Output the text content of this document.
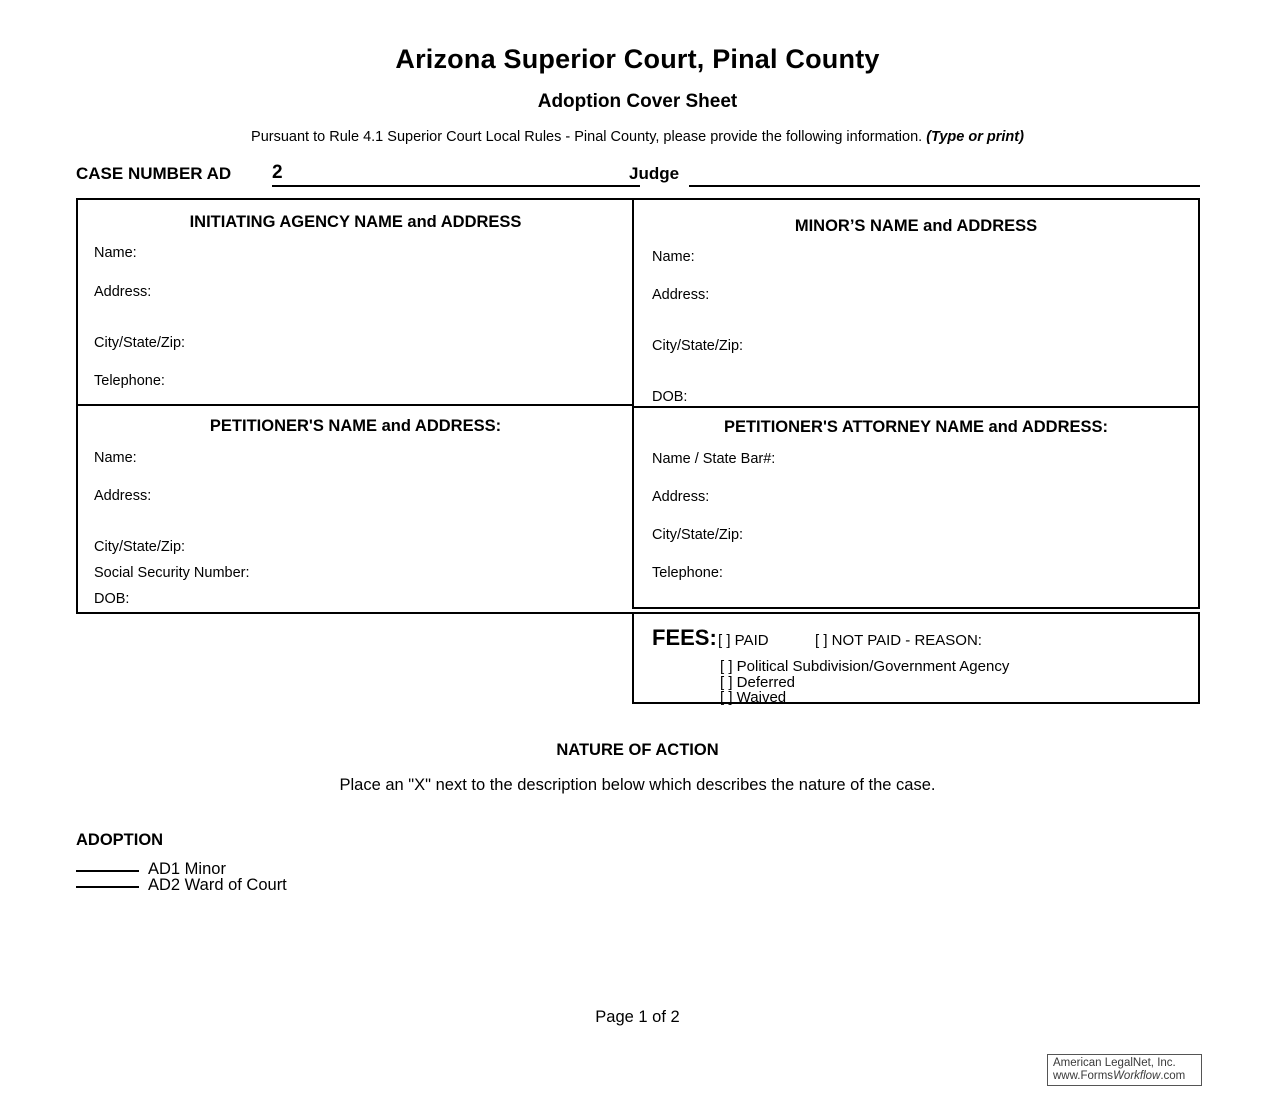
Arizona Superior Court, Pinal County
Adoption Cover Sheet
Pursuant to Rule 4.1 Superior Court Local Rules - Pinal County, please provide the following information. (Type or print)
CASE NUMBER AD 2	Judge
INITIATING AGENCY NAME and ADDRESS
Name:
Address:
City/State/Zip:
Telephone:
MINOR’S NAME and ADDRESS
Name:
Address:
City/State/Zip:
DOB:
PETITIONER'S NAME and ADDRESS:
Name:
Address:
City/State/Zip:
Social Security Number:
DOB:
PETITIONER'S ATTORNEY NAME and ADDRESS:
Name / State Bar#:
Address:
City/State/Zip:
Telephone:
FEES: [ ] PAID	[ ] NOT PAID - REASON:
[ ] Political Subdivision/Government Agency
[ ] Deferred
[ ] Waived
NATURE OF ACTION
Place an "X" next to the description below which describes the nature of the case.
ADOPTION
AD1 Minor
AD2 Ward of Court
Page 1 of 2
American LegalNet, Inc.
www.FormsWorkflow.com
